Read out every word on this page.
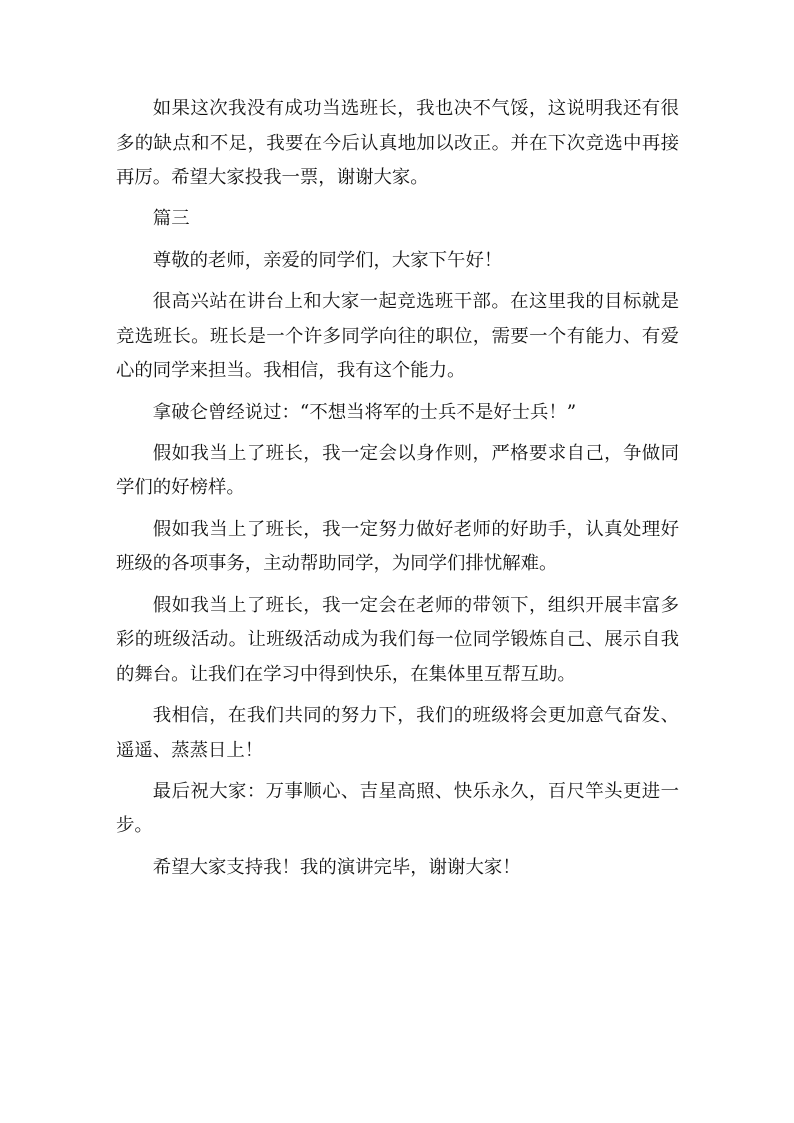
如果这次我没有成功当选班长，我也决不气馁，这说明我还有很多的缺点和不足，我要在今后认真地加以改正。并在下次竞选中再接再厉。希望大家投我一票，谢谢大家。

篇三

尊敬的老师，亲爱的同学们，大家下午好！

很高兴站在讲台上和大家一起竞选班干部。在这里我的目标就是竞选班长。班长是一个许多同学向往的职位，需要一个有能力、有爱心的同学来担当。我相信，我有这个能力。

拿破仑曾经说过：“不想当将军的士兵不是好士兵！”

假如我当上了班长，我一定会以身作则，严格要求自己，争做同学们的好榜样。

假如我当上了班长，我一定努力做好老师的好助手，认真处理好班级的各项事务，主动帮助同学，为同学们排忧解难。

假如我当上了班长，我一定会在老师的带领下，组织开展丰富多彩的班级活动。让班级活动成为我们每一位同学锻炼自己、展示自我的舞台。让我们在学习中得到快乐，在集体里互帮互助。

我相信，在我们共同的努力下，我们的班级将会更加意气奋发、遥遥、蒸蒸日上！

最后祝大家：万事顺心、吉星高照、快乐永久，百尺竿头更进一步。

希望大家支持我！我的演讲完毕，谢谢大家！
